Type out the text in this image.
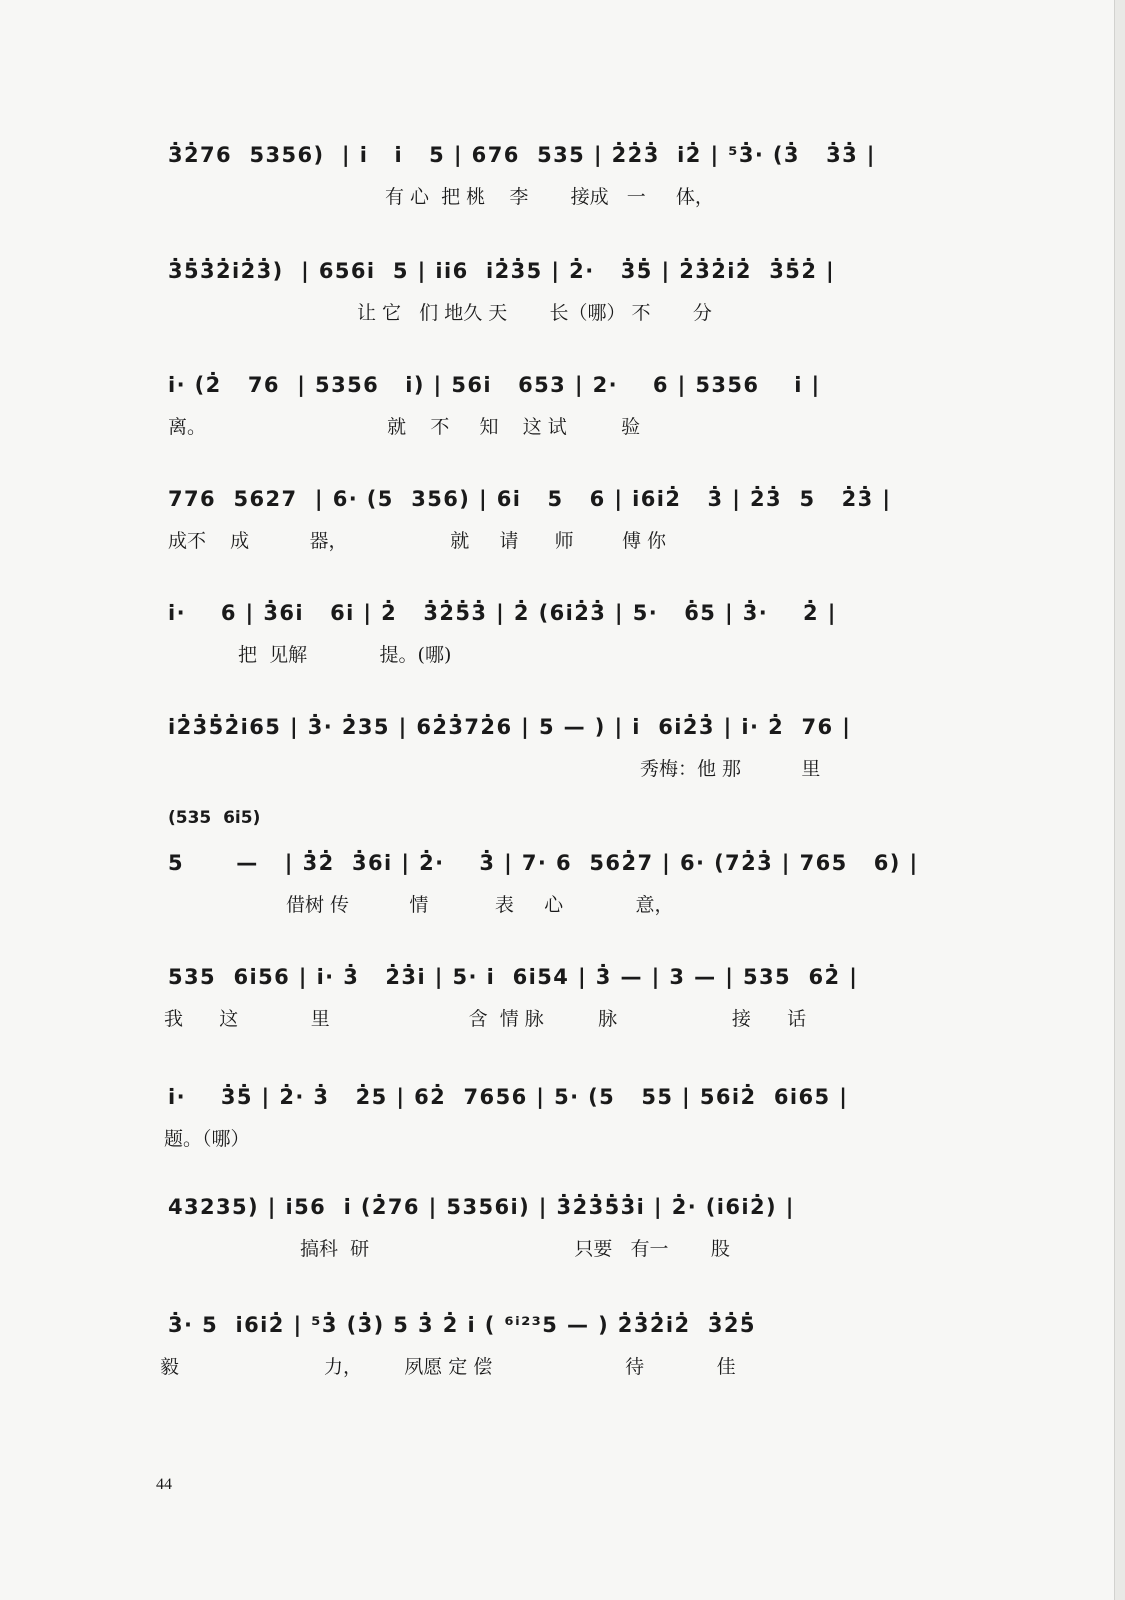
3̇2̇76  5356)  | i̇   i̇   5 | 676  535 | 2̇2̇3̇  i̇2̇ | ⁵3̇· (3̇   3̇3̇ |
有 心  把 桃    李       接成   一     体，
3̇5̇3̇2̇i̇2̇3̇)  | 656i̇  5 | i̇i̇6  i̇2̇3̇5 | 2̇·   3̇5̇ | 2̇3̇2̇i̇2̇  3̇5̇2̇ |
让 它   们 地久 天       长（哪） 不       分
i̇· (2̇   76  | 5356   i̇) | 56i̇   653 | 2·    6 | 5356    i̇ |
离。                              就    不     知    这 试         验
776  5627  | 6· (5  356) | 6i̇   5   6 | i̇6i̇2̇   3̇ | 2̇3̇  5   2̇3̇ |
成不    成          器，                 就     请      师        傅 你
i̇·    6 | 3̇6i̇   6i̇ | 2̇   3̇2̇5̇3̇ | 2̇ (6i̇2̇3̇ | 5·   6̇5 | 3̇·    2̇ |
把  见解            提。(哪)
i̇2̇3̇5̇2̇i̇65 | 3̇· 2̇35 | 62̇3̇72̇6 | 5 — ) | i̇  6i̇2̇3̇ | i̇· 2̇  76 |
秀梅：他 那          里
(535  6i̇5)
5      —   | 3̇2̇  3̇6i̇ | 2̇·    3̇ | 7· 6  562̇7 | 6· (72̇3̇ | 765   6) |
借树 传          情           表     心            意，
535  6i̇56 | i̇· 3̇   2̇3̇i̇ | 5· i̇  6i̇54 | 3̇ — | 3 — | 535  62̇ |
我      这            里                       含  情 脉         脉                   接      话
i̇·    3̇5̇ | 2̇· 3̇   2̇5 | 62̇  7656 | 5· (5   55 | 56i̇2̇  6i̇65 |
题。（哪）
43235) | i̇56  i̇ (2̇76 | 5356i̇) | 3̇2̇3̇5̇3̇i̇ | 2̇· (i̇6i̇2̇) |
搞科  研                                  只要   有一       股
3̇· 5  i̇6i̇2̇ | ⁵3̇ (3̇) 5 3̇ 2̇ i̇ ( ⁶ⁱ²³5 — ) 2̇3̇2̇i̇2̇  3̇2̇5̇
毅                        力，       夙愿 定 偿                      待            佳
44
